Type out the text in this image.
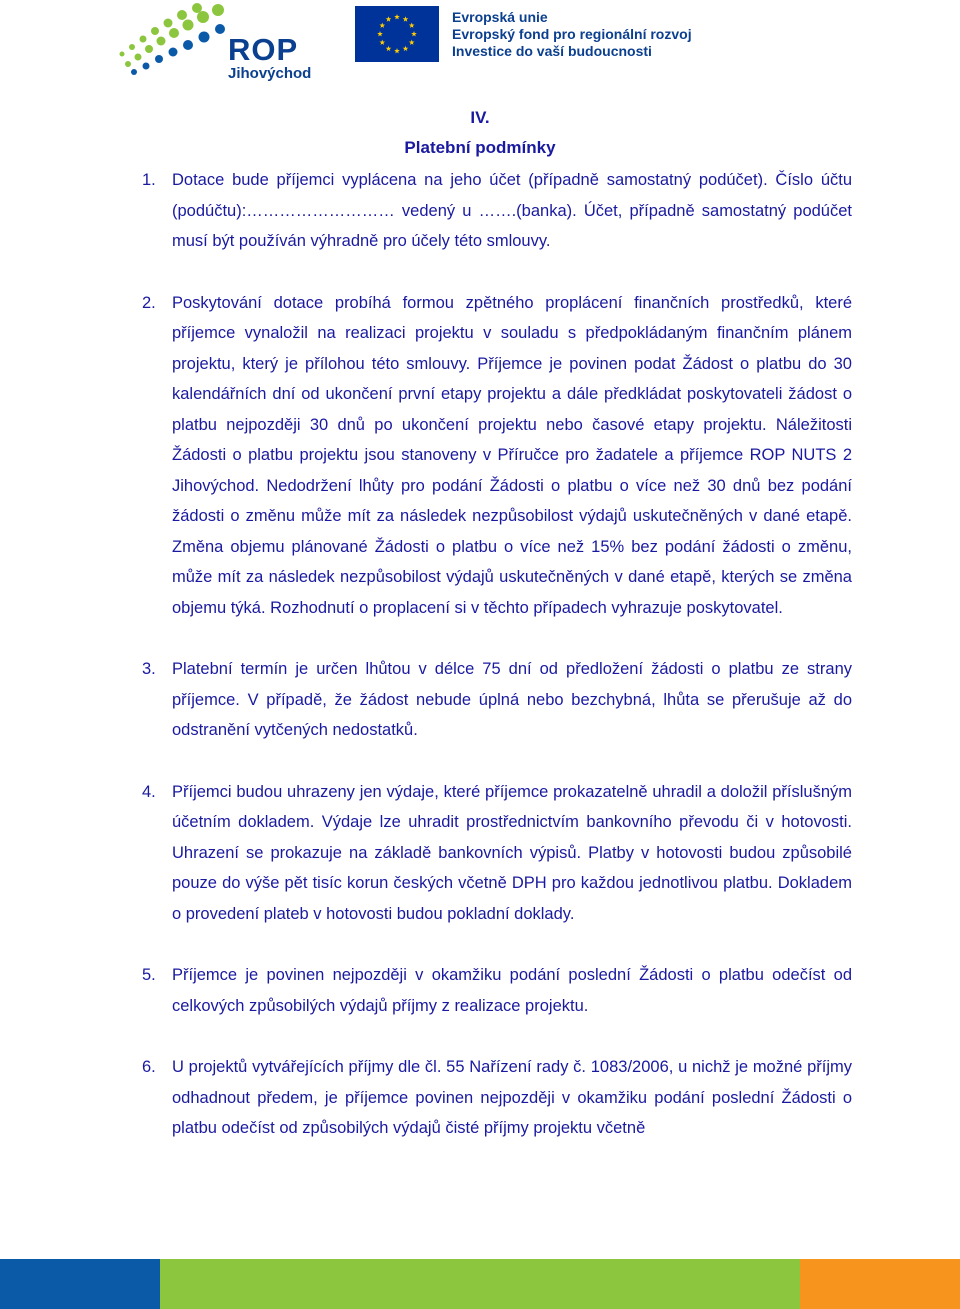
ROP
Jihovýchod
Evropská unie
Evropský fond pro regionální rozvoj
Investice do vaší budoucnosti
IV.
Platební podmínky
1. Dotace bude příjemci vyplácena na jeho účet (případně samostatný podúčet). Číslo účtu (podúčtu):……………………… vedený u …….(banka). Účet, případně samostatný podúčet musí být používán výhradně pro účely této smlouvy.
2. Poskytování dotace probíhá formou zpětného proplácení finančních prostředků, které příjemce vynaložil na realizaci projektu v souladu s předpokládaným finančním plánem projektu, který je přílohou této smlouvy. Příjemce je povinen podat Žádost o platbu do 30 kalendářních dní od ukončení první etapy projektu a dále předkládat poskytovateli žádost o platbu nejpozději 30 dnů po ukončení projektu nebo časové etapy projektu. Náležitosti Žádosti o platbu projektu jsou stanoveny v Příručce pro žadatele a příjemce ROP NUTS 2 Jihovýchod. Nedodržení lhůty pro podání Žádosti o platbu o více než 30 dnů bez podání žádosti o změnu může mít za následek nezpůsobilost výdajů uskutečněných v dané etapě. Změna objemu plánované Žádosti o platbu o více než 15% bez podání žádosti o změnu, může mít za následek nezpůsobilost výdajů uskutečněných v dané etapě, kterých se změna objemu týká. Rozhodnutí o proplacení si v těchto případech vyhrazuje poskytovatel.
3. Platební termín je určen lhůtou v délce 75 dní od předložení žádosti o platbu ze strany příjemce. V případě, že žádost nebude úplná nebo bezchybná, lhůta se přerušuje až do odstranění vytčených nedostatků.
4. Příjemci budou uhrazeny jen výdaje, které příjemce prokazatelně uhradil a doložil příslušným účetním dokladem. Výdaje lze uhradit prostřednictvím bankovního převodu či v hotovosti. Uhrazení se prokazuje na základě bankovních výpisů. Platby v hotovosti budou způsobilé pouze do výše pět tisíc korun českých včetně DPH pro každou jednotlivou platbu. Dokladem o provedení plateb v hotovosti budou pokladní doklady.
5. Příjemce je povinen nejpozději v okamžiku podání poslední Žádosti o platbu odečíst od celkových způsobilých výdajů příjmy z realizace projektu.
6. U projektů vytvářejících příjmy dle čl. 55 Nařízení rady č. 1083/2006, u nichž je možné příjmy odhadnout předem, je příjemce povinen nejpozději v okamžiku podání poslední Žádosti o platbu odečíst od způsobilých výdajů čisté příjmy projektu včetně
